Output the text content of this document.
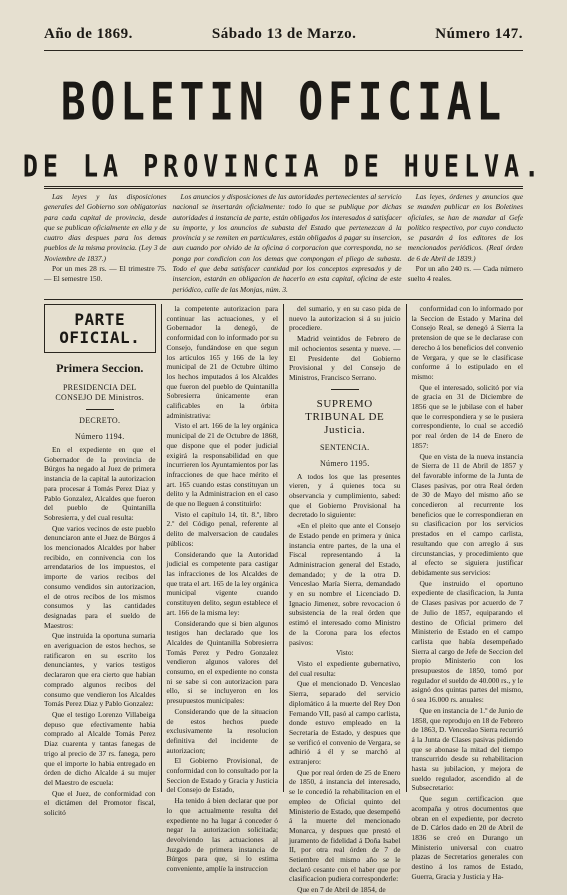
Año de 1869.	Sábado 13 de Marzo.	Número 147.
BOLETIN OFICIAL
DE LA PROVINCIA DE HUELVA.

Las leyes y las disposiciones generales del Gobierno son obligatorias para cada capital de provincia, desde que se publican oficialmente en ella y de cuatro dias despues para los demas pueblos de la misma provincia. (Ley 3 de Noviembre de 1837.)

Por un mes 28 rs. — El trimestre 75. — El semestre 150.

Los anuncios y disposiciones de las autoridades pertenecientes al servicio nacional se insertarán oficialmente: todo lo que se publique por dichas autoridades á instancia de parte, están obligados los interesados á satisfacer su importe, y los anuncios de subasta del Estado que pertenezcan á la provincia y se remiten en particulares, están obligados á pagar su insercion, aun cuando por olvido de la oficina ó corporacion que corresponda, no se ponga por condicion con los demas que compongan el pliego de subasta. Todo el que deba satisfacer cantidad por los conceptos expresados y de insercion, estarán en obligacion de hacerlo en esta capital, oficina de este periódico, calle de las Monjas, núm. 3.

Las leyes, órdenes y anuncios que se manden publicar en los Boletines oficiales, se han de mandar al Gefe político respectivo, por cuyo conducto se pasarán á los editores de los mencionados periódicos. (Real órden de 6 de Abril de 1839.)

Por un año 240 rs. — Cada número suelto 4 reales.

PARTE OFICIAL.
Primera Seccion.
PRESIDENCIA DEL CONSEJO DE Ministros.
DECRETO.
Número 1194.

En el expediente en que el Gobernador de la provincia de Búrgos ha negado al Juez de primera instancia de la capital la autorizacion para procesar á Tomás Perez Diaz y Pablo Gonzalez, Alcaldes que fueron del pueblo de Quintanilla Sobresierra, y del cual resulta:

Que varios vecinos de este pueblo denunciaron ante el Juez de Búrgos á los mencionados Alcaldes por haber recibido, en connivencia con los arrendatarios de los impuestos, el importe de varios recibos del consumo vendidos sin autorizacion, el de otros recibos de los mismos consumos y las cantidades designadas para el sueldo de Maestros:

Que instruida la oportuna sumaria en averiguacion de estos hechos, se ratificaron en su escrito los denunciantes, y varios testigos declararon que era cierto que habian comprado algunos recibos del consumo que vendieron los Alcaldes Tomás Perez Diaz y Pablo Gonzalez:

Que el testigo Lorenzo Villabeiga depuso que efectivamente habia comprado al Alcalde Tomás Perez Diaz cuarenta y tantas fanegas de trigo al precio de 37 rs. fanega, pero que el importe lo habia entregado en órden de dicho Alcalde á su mujer del Maestro de escuela:

Que el Juez, de conformidad con el dictámen del Promotor fiscal, solicitó

la competente autorizacion para continuar las actuaciones, y el Gobernador la denegó, de conformidad con lo informado por su Consejo, fundándose en que segun los artículos 165 y 166 de la ley municipal de 21 de Octubre último los hechos imputados á los Alcaldes que fueron del pueblo de Quintanilla Sobresierra únicamente eran calificables en la órbita administrativa:

Visto el art. 166 de la ley orgánica municipal de 21 de Octubre de 1868, que dispone que el poder judicial exigirá la responsabilidad en que incurrieren los Ayuntamientos por las infracciones de que hace mérito el art. 165 cuando estas constituyan un delito y la Administracion en el caso de que no lleguen á constituirlo:

Visto el capítulo 14, tít. 8.º, libro 2.º del Código penal, referente al delito de malversacion de caudales públicos:

Considerando que la Autoridad judicial es competente para castigar las infracciones de los Alcaldes de que trata el art. 165 de la ley orgánica municipal vigente cuando constituyen delito, segun establece el art. 166 de la misma ley:

Considerando que si bien algunos testigos han declarado que los Alcaldes de Quintanilla Sobresierra Tomás Perez y Pedro Gonzalez vendieron algunos valores del consumo, en el expediente no consta ni se sabe si con autorizacion para ello, si se incluyeron en los presupuestos municipales:

Considerando que de la situacion de estos hechos puede exclusivamente la resolucion definitiva del incidente de autorizacion;

El Gobierno Provisional, de conformidad con lo consultado por la Seccion de Estado y Gracia y Justicia del Consejo de Estado,

Ha tenido á bien declarar que por lo que actualmente resulta del expediente no ha lugar á conceder ó negar la autorizacion solicitada; devolviendo las actuaciones al Juzgado de primera instancia de Búrgos para que, si lo estima conveniente, amplíe la instruccion

del sumario, y en su caso pida de nuevo la autorizacion si á su juicio procediere.

Madrid veintidos de Febrero de mil ochocientos sesenta y nueve. — El Presidente del Gobierno Provisional y del Consejo de Ministros, Francisco Serrano.

SUPREMO TRIBUNAL DE Justicia.
SENTENCIA.
Número 1195.

A todos los que las presentes vieren, y á quienes toca su observancia y cumplimiento, sabed: que el Gobierno Provisional ha decretado lo siguiente:

«En el pleito que ante el Consejo de Estado pende en primera y única instancia entre partes, de la una el Fiscal representando á la Administracion general del Estado, demandado; y de la otra D. Venceslao María Sierra, demandado y en su nombre el Licenciado D. Ignacio Jimenez, sobre revocacion ó subsistencia de la real órden que estimó el interesado como Ministro de la Corona para los efectos pasivos:

Visto:

Visto el expediente gubernativo, del cual resulta:

Que el mencionado D. Venceslao Sierra, separado del servicio diplomático á la muerte del Rey Don Fernando VII, pasó al campo carlista, donde estuvo empleado en la Secretaría de Estado, y despues que se verificó el convenio de Vergara, se adhirió á él y se marchó al extranjero:

Que por real órden de 25 de Enero de 1850, á instancia del interesado, se le concedió la rehabilitacion en el empleo de Oficial quinto del Ministerio de Estado, que desempeñó á la muerte del mencionado Monarca, y despues que prestó el juramento de fidelidad á Doña Isabel II, por otra real órden de 7 de Setiembre del mismo año se le declaró cesante con el haber que por clasificacion pudiera corresponderle:

Que en 7 de Abril de 1854, de

conformidad con lo informado por la Seccion de Estado y Marina del Consejo Real, se denegó á Sierra la pretension de que se le declarase con derecho á los beneficios del convenio de Vergara, y que se le clasificase conforme á lo estipulado en el mismo:

Que el interesado, solicitó por via de gracia en 31 de Diciembre de 1856 que se le jubilase con el haber que le correspondiera y se le pusiera correspondiente, lo cual se accedió por real órden de 14 de Enero de 1857:

Que en vista de la nueva instancia de Sierra de 11 de Abril de 1857 y del favorable informe de la Junta de Clases pasivas, por otra Real órden de 30 de Mayo del mismo año se concedieron al recurrente los beneficios que le correspondieran en su clasificacion por los servicios prestados en el campo carlista, resultando que con arreglo á sus circunstancias, y procedimiento que al efecto se siguiera justificar debidamente sus servicios:

Que instruido el oportuno expediente de clasificacion, la Junta de Clases pasivas por acuerdo de 7 de Julio de 1857, equiparando el destino de Oficial primero del Ministerio de Estado en el campo carlista que había desempeñado Sierra al cargo de Jefe de Seccion del propio Ministerio con los presupuestos de 1850, tomó por regulador el sueldo de 40.000 rs., y le asignó dos quintas partes del mismo, ó sea 16.000 rs. anuales:

Que en instancia de 1.º de Junio de 1858, que reprodujo en 18 de Febrero de 1863, D. Venceslao Sierra recurrió á la Junta de Clases pasivas pidiendo que se abonase la mitad del tiempo transcurrido desde su rehabilitacion hasta su jubilacion, y mejora de sueldo regulador, ascendido al de Subsecretario:

Que segun certificacion que acompaña y otros documentos que obran en el expediente, por decreto de D. Cárlos dado en 20 de Abril de 1836 se creó en Durango un Ministerio universal con cuatro plazas de Secretarios generales con destino á los ramos de Estado, Guerra, Gracia y Justicia y Ha-
